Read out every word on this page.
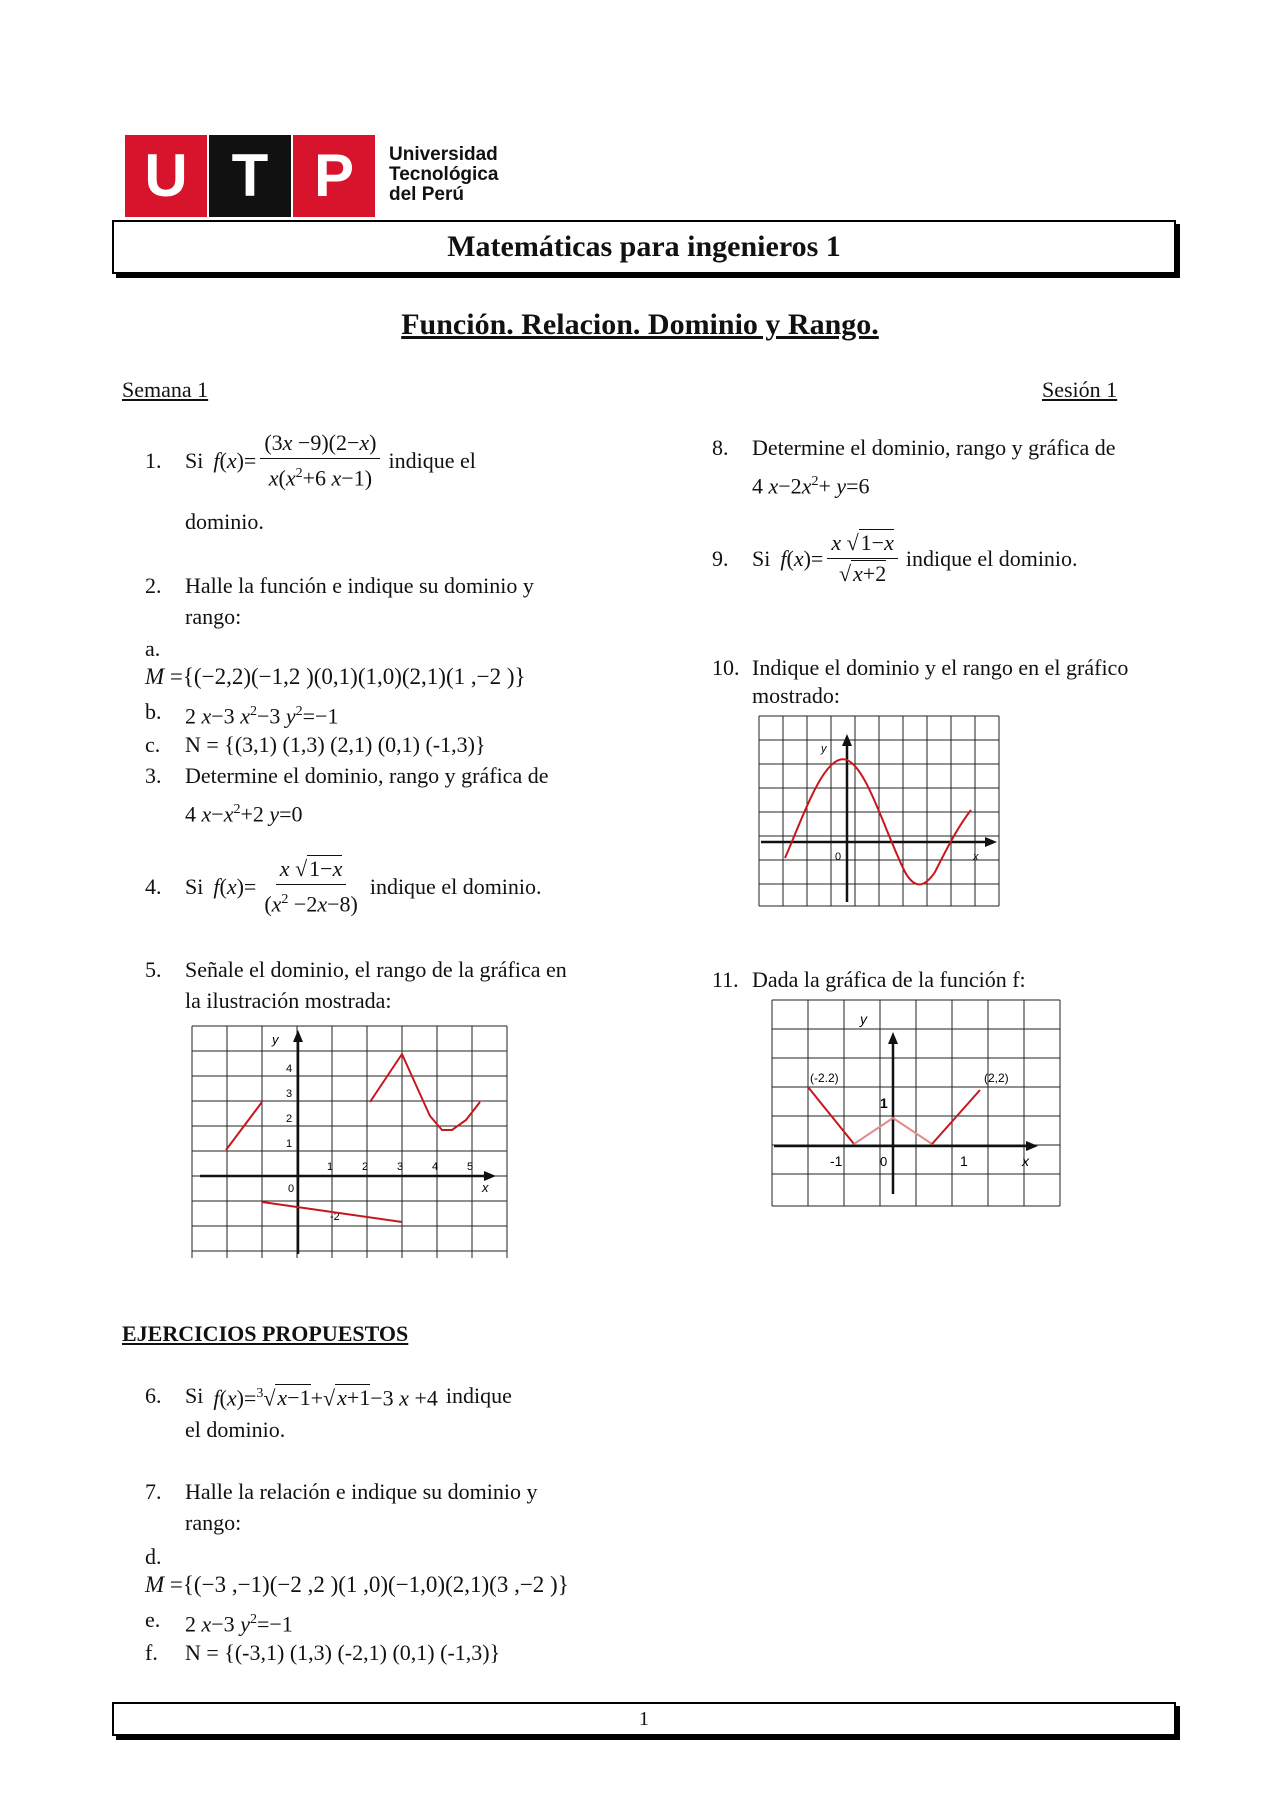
U T P	Universidad
Tecnológica
del Perú
Matemáticas para ingenieros 1
Función. Relacion. Dominio y Rango.
Semana 1	Sesión 1
1.	Si f ( x )= $\frac{(3x -9)(2-x)}{x(x^2+6 x-1)}$ indique el
dominio.
2. Halle la función e indique su dominio y
rango:
a.
M ={(−2,2)(−1,2 )(0,1)(1,0)(2,1)(1 ,−2 )}
b. 2 x−3 $x^2-3$ $y^2=-1$
c. N = {(3,1) (1,3) (2,1) (0,1) (-1,3)}
3. Determine el dominio, rango y gráfica de
4 $x-x^2+2$ y=0
4.	Si f ( x )= $\frac{x √1-x}{(x^2 -2x-8)}$ indique el dominio.
5. Señale el dominio, el rango de la gráfica en
la ilustración mostrada:
y
x
0
1	2	3	4	5
1
2
3
4
-2
EJERCICIOS PROPUESTOS
6.	Si f(x)=$^3$√x−1+√x+1−3 x +4 indique
el dominio.
7. Halle la relación e indique su dominio y
rango:
d.
M ={(−3 ,−1)(−2 ,2 )(1 ,0)(−1,0)(2,1)(3 ,−2 )}
e. 2 x−3 $y^2=-1$
f. N = {(-3,1) (1,3) (-2,1) (0,1) (-1,3)}
8. Determine el dominio, rango y gráfica de
4 $x-2x^2+ y=6$
9.	Si f ( x )= $\frac{x √1-x}{√x+2}$ indique el dominio.
10. Indique el dominio y el rango en el gráfico
mostrado:
y
x
0
11. Dada la gráfica de la función f:
y
x
0
(-2.2)	(2,2)
1
-1	1
1
